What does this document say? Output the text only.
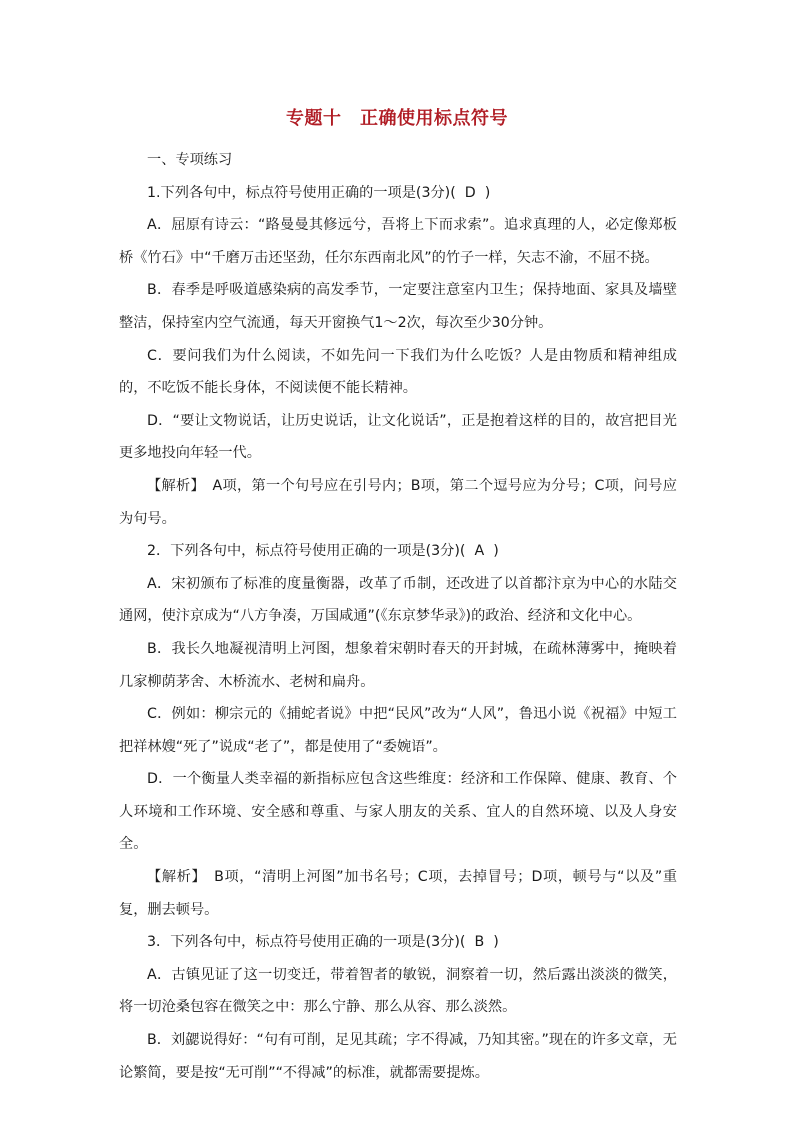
专题十　正确使用标点符号

一、专项练习

1.下列各句中，标点符号使用正确的一项是(3分)( D )

A．屈原有诗云：“路曼曼其修远兮，吾将上下而求索”。追求真理的人，必定像郑板桥《竹石》中“千磨万击还坚劲，任尔东西南北风”的竹子一样，矢志不渝，不屈不挠。

B．春季是呼吸道感染病的高发季节，一定要注意室内卫生；保持地面、家具及墙壁整洁，保持室内空气流通，每天开窗换气1～2次，每次至少30分钟。

C．要问我们为什么阅读，不如先问一下我们为什么吃饭？人是由物质和精神组成的，不吃饭不能长身体，不阅读便不能长精神。

D．“要让文物说话，让历史说话，让文化说话”，正是抱着这样的目的，故宫把目光更多地投向年轻一代。

【解析】　A项，第一个句号应在引号内；B项，第二个逗号应为分号；C项，问号应为句号。

2．下列各句中，标点符号使用正确的一项是(3分)( A )

A．宋初颁布了标准的度量衡器，改革了币制，还改进了以首都汴京为中心的水陆交通网，使汴京成为“八方争凑，万国咸通”(《东京梦华录》)的政治、经济和文化中心。

B．我长久地凝视清明上河图，想象着宋朝时春天的开封城，在疏林薄雾中，掩映着几家柳荫茅舍、木桥流水、老树和扁舟。

C．例如：柳宗元的《捕蛇者说》中把“民风”改为“人风”，鲁迅小说《祝福》中短工把祥林嫂“死了”说成“老了”，都是使用了“委婉语”。

D．一个衡量人类幸福的新指标应包含这些维度：经济和工作保障、健康、教育、个人环境和工作环境、安全感和尊重、与家人朋友的关系、宜人的自然环境、以及人身安全。

【解析】　B项，“清明上河图”加书名号；C项，去掉冒号；D项，顿号与“以及”重复，删去顿号。

3．下列各句中，标点符号使用正确的一项是(3分)( B )

A．古镇见证了这一切变迁，带着智者的敏锐，洞察着一切，然后露出淡淡的微笑，将一切沧桑包容在微笑之中：那么宁静、那么从容、那么淡然。

B．刘勰说得好：“句有可削，足见其疏；字不得减，乃知其密。”现在的许多文章，无论繁简，要是按“无可削”“不得减”的标准，就都需要提炼。
